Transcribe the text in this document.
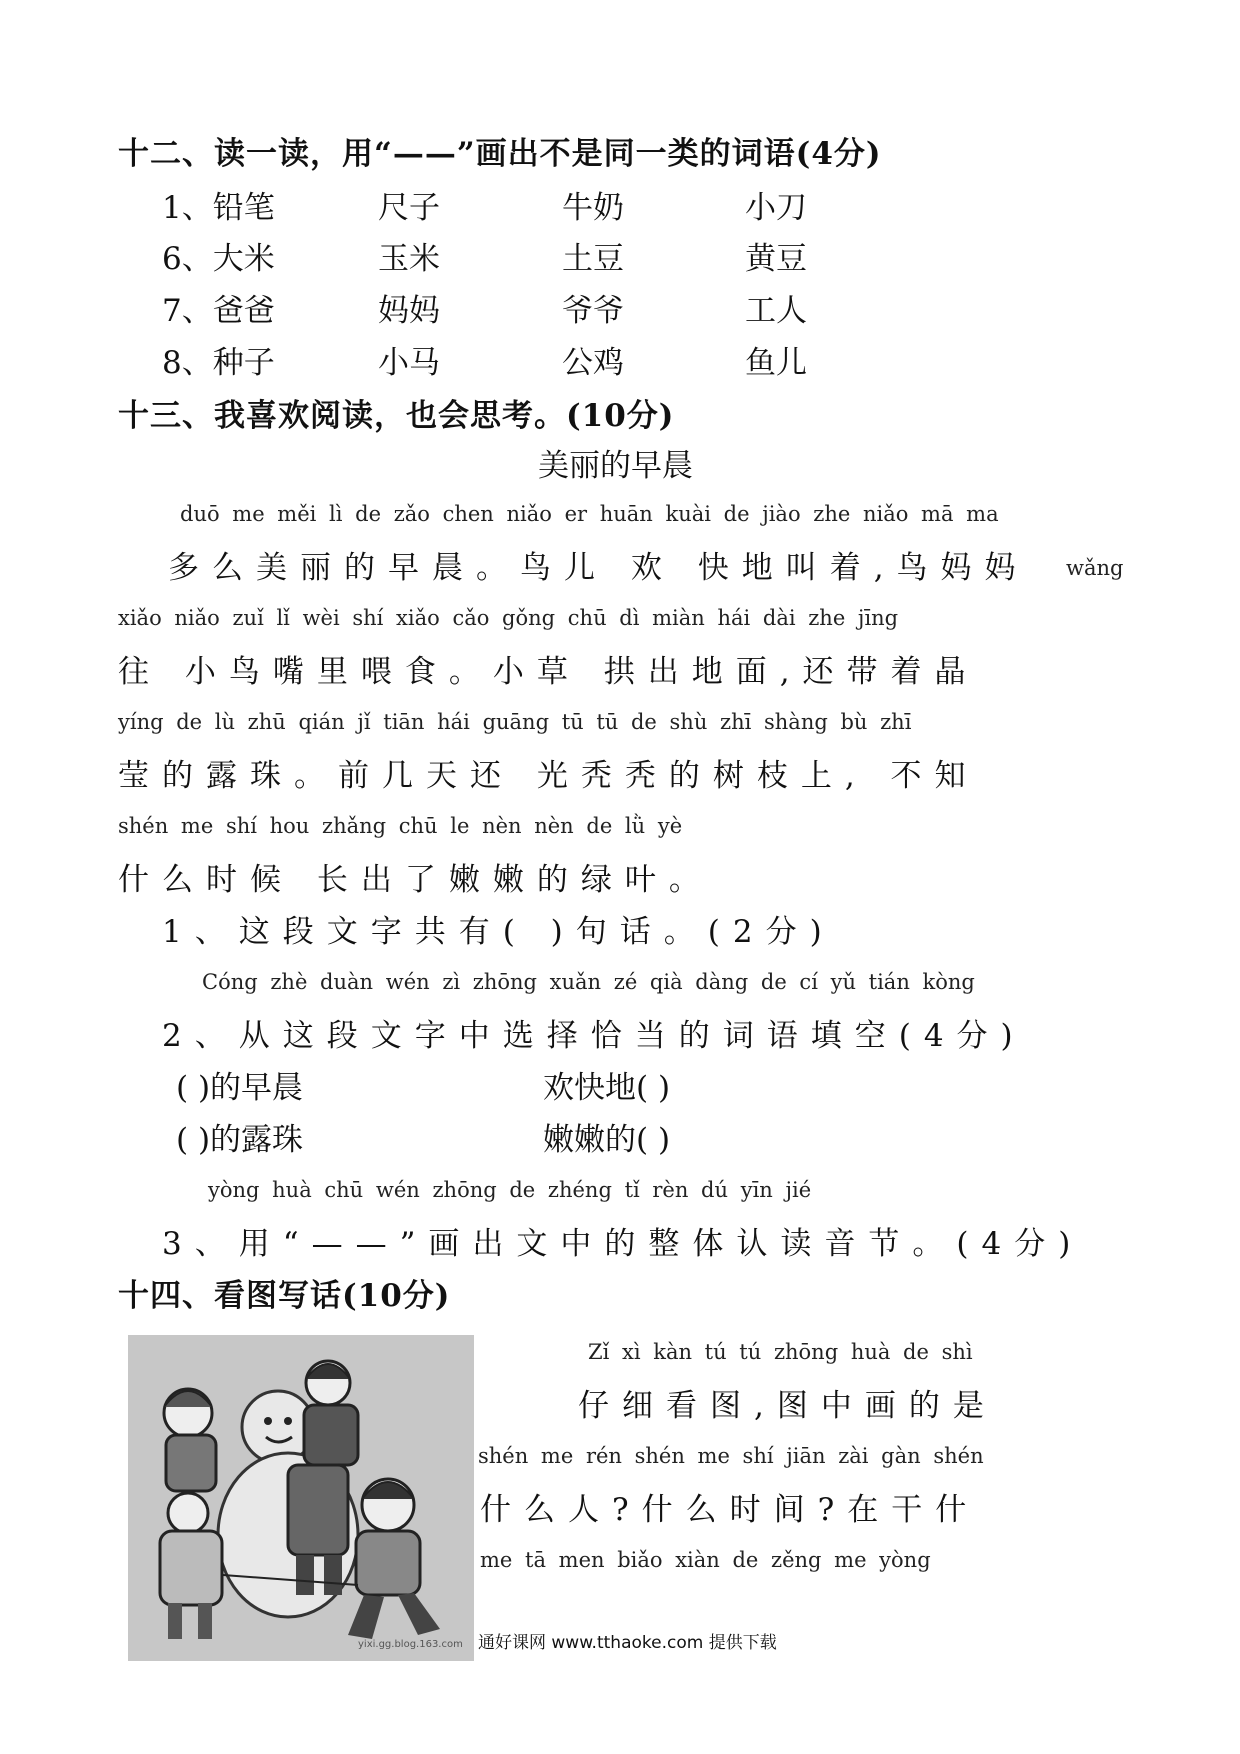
十二、读一读，用“——”画出不是同一类的词语(4分)
1、铅笔	尺子	牛奶	小刀
6、大米	玉米	土豆	黄豆
7、爸爸	妈妈	爷爷	工人
8、种子	小马	公鸡	鱼儿
十三、我喜欢阅读，也会思考。(10分)
美丽的早晨
duō me měi lì de zǎo chen niǎo er huān kuài de jiào zhe niǎo mā ma
多么美丽的早晨。鸟儿 欢 快地叫着,鸟妈妈 wǎng
xiǎo niǎo zuǐ lǐ wèi shí xiǎo cǎo gǒng chū dì miàn hái dài zhe jīng
往 小鸟嘴里喂食。小草 拱出地面,还带着晶
yíng de lù zhū qián jǐ tiān hái guāng tū tū de shù zhī shàng bù zhī
莹的露珠。前几天还 光秃秃的树枝上, 不知
shén me shí hou zhǎng chū le nèn nèn de lǜ yè
什么时候 长出了嫩嫩的绿叶。
1、这段文字共有( )句话。(2分)
Cóng zhè duàn wén zì zhōng xuǎn zé qià dàng de cí yǔ tián kòng
2、从这段文字中选择恰当的词语填空(4分)
( )的早晨	欢快地( )
( )的露珠	嫩嫩的( )
yòng huà chū wén zhōng de zhéng tǐ rèn dú yīn jié
3、用“——”画出文中的整体认读音节。(4分)
十四、看图写话(10分)
yixi.gg.blog.163.com
Zǐ xì kàn tú tú zhōng huà de shì
仔细看图,图中画的是
shén me rén shén me shí jiān zài gàn shén
什么人?什么时间?在干什
me tā men biǎo xiàn de zěng me yòng
通好课网 www.tthaoke.com 提供下载
